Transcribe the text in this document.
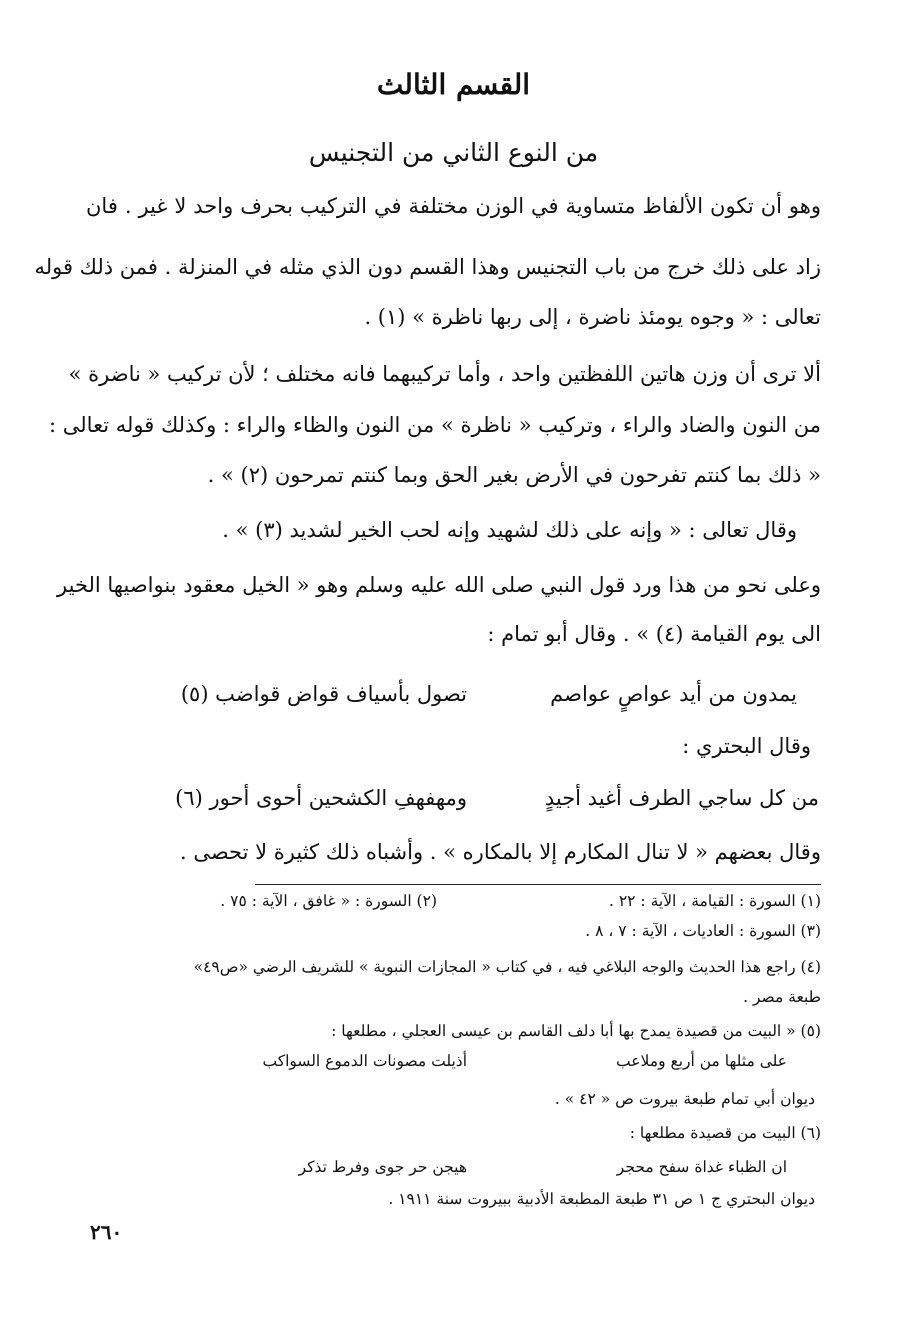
القسم الثالث
من النوع الثاني من التجنيس
وهو أن تكون الألفاظ متساوية في الوزن مختلفة في التركيب بحرف واحد لا غير . فان
زاد على ذلك خرج من باب التجنيس وهذا القسم دون الذي مثله في المنزلة . فمن ذلك قوله
تعالى : « وجوه يومئذ ناضرة ، إلى ربها ناظرة » (١) .
ألا ترى أن وزن هاتين اللفظتين واحد ، وأما تركيبهما فانه مختلف ؛ لأن تركيب « ناضرة »
من النون والضاد والراء ، وتركيب « ناظرة » من النون والظاء والراء : وكذلك قوله تعالى :
« ذلك بما كنتم تفرحون في الأرض بغير الحق وبما كنتم تمرحون (٢) » .
وقال تعالى : « وإنه على ذلك لشهيد وإنه لحب الخير لشديد (٣) » .
وعلى نحو من هذا ورد قول النبي صلى الله عليه وسلم وهو « الخيل معقود بنواصيها الخير
الى يوم القيامة (٤) » . وقال أبو تمام :
يمدون من أيد عواصٍ عواصم
تصول بأسياف قواض قواضب (٥)
وقال البحتري :
من كل ساجي الطرف أغيد أجيدٍ
ومهفهفِ الكشحين أحوى أحور (٦)
وقال بعضهم « لا تنال المكارم إلا بالمكاره » . وأشباه ذلك كثيرة لا تحصى .
(١) السورة : القيامة ، الآية : ٢٢ .
(٢) السورة : « غافق ، الآية : ٧٥ .
(٣) السورة : العاديات ، الآية : ٧ ، ٨ .
(٤) راجع هذا الحديث والوجه البلاغي فيه ، في كتاب « المجازات النبوية » للشريف الرضي «ص٤٩»
طبعة مصر .
(٥) « البيت من قصيدة يمدح بها أبا دلف القاسم بن عيسى العجلي ، مطلعها :
على مثلها من أربع وملاعب
أذيلت مصونات الدموع السواكب
ديوان أبي تمام طبعة بيروت ص « ٤٢ » .
(٦) البيت من قصيدة مطلعها :
ان الظباء غداة سفح محجر
هيجن حر جوى وفرط تذكر
ديوان البحتري ج ١ ص ٣١ طبعة المطبعة الأدبية ببيروت سنة ١٩١١ .
٢٦٠
